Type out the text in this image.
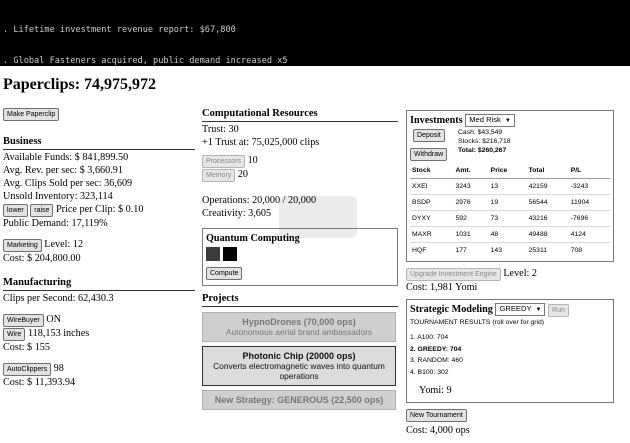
. Lifetime investment revenue report: $67,800

. Global Fasteners acquired, public demand increased x5

Paperclips: 74,975,972
Make Paperclip
Business
Available Funds: $ 841,899.50
Avg. Rev. per sec: $ 3,660.91
Avg. Clips Sold per sec: 36,609
Unsold Inventory: 323,114
lower raise Price per Clip: $ 0.10
Public Demand: 17,119%
Marketing Level: 12
Cost: $ 204,800.00
Manufacturing
Clips per Second: 62,430.3
WireBuyer ON
Wire 118,153 inches
Cost: $ 155
AutoClippers 98
Cost: $ 11,393.94
Computational Resources
Trust: 30
+1 Trust at: 75,025,000 clips
Processors 10
Memory 20
Operations: 20,000 / 20,000
Creativity: 3,605
Quantum Computing
Compute
Projects
HypnoDrones (70,000 ops)
Autonomous aerial brand ambassadors
Photonic Chip (20000 ops)
Converts electromagnetic waves into quantum operations
New Strategy: GENEROUS (22,500 ops)
Investments Med Risk ▼
Deposit
Withdraw
Cash: $43,549
Stocks: $216,718
Total: $260,267
Stock	Amt.	Price	Total	P/L
XXEI	3243	13	42159	-3243
BSDP	2976	19	56544	11904
DYXY	592	73	43216	-7696
MAXR	1031	48	49488	4124
HQF	177	143	25311	708
Upgrade Investment Engine Level: 2
Cost: 1,981 Yomi
Strategic Modeling GREEDY ▼ Run
TOURNAMENT RESULTS (roll over for grid)
1. A100: 704
2. GREEDY: 704
3. RANDOM: 460
4. B100: 302
Yomi: 9
New Tournament
Cost: 4,000 ops
